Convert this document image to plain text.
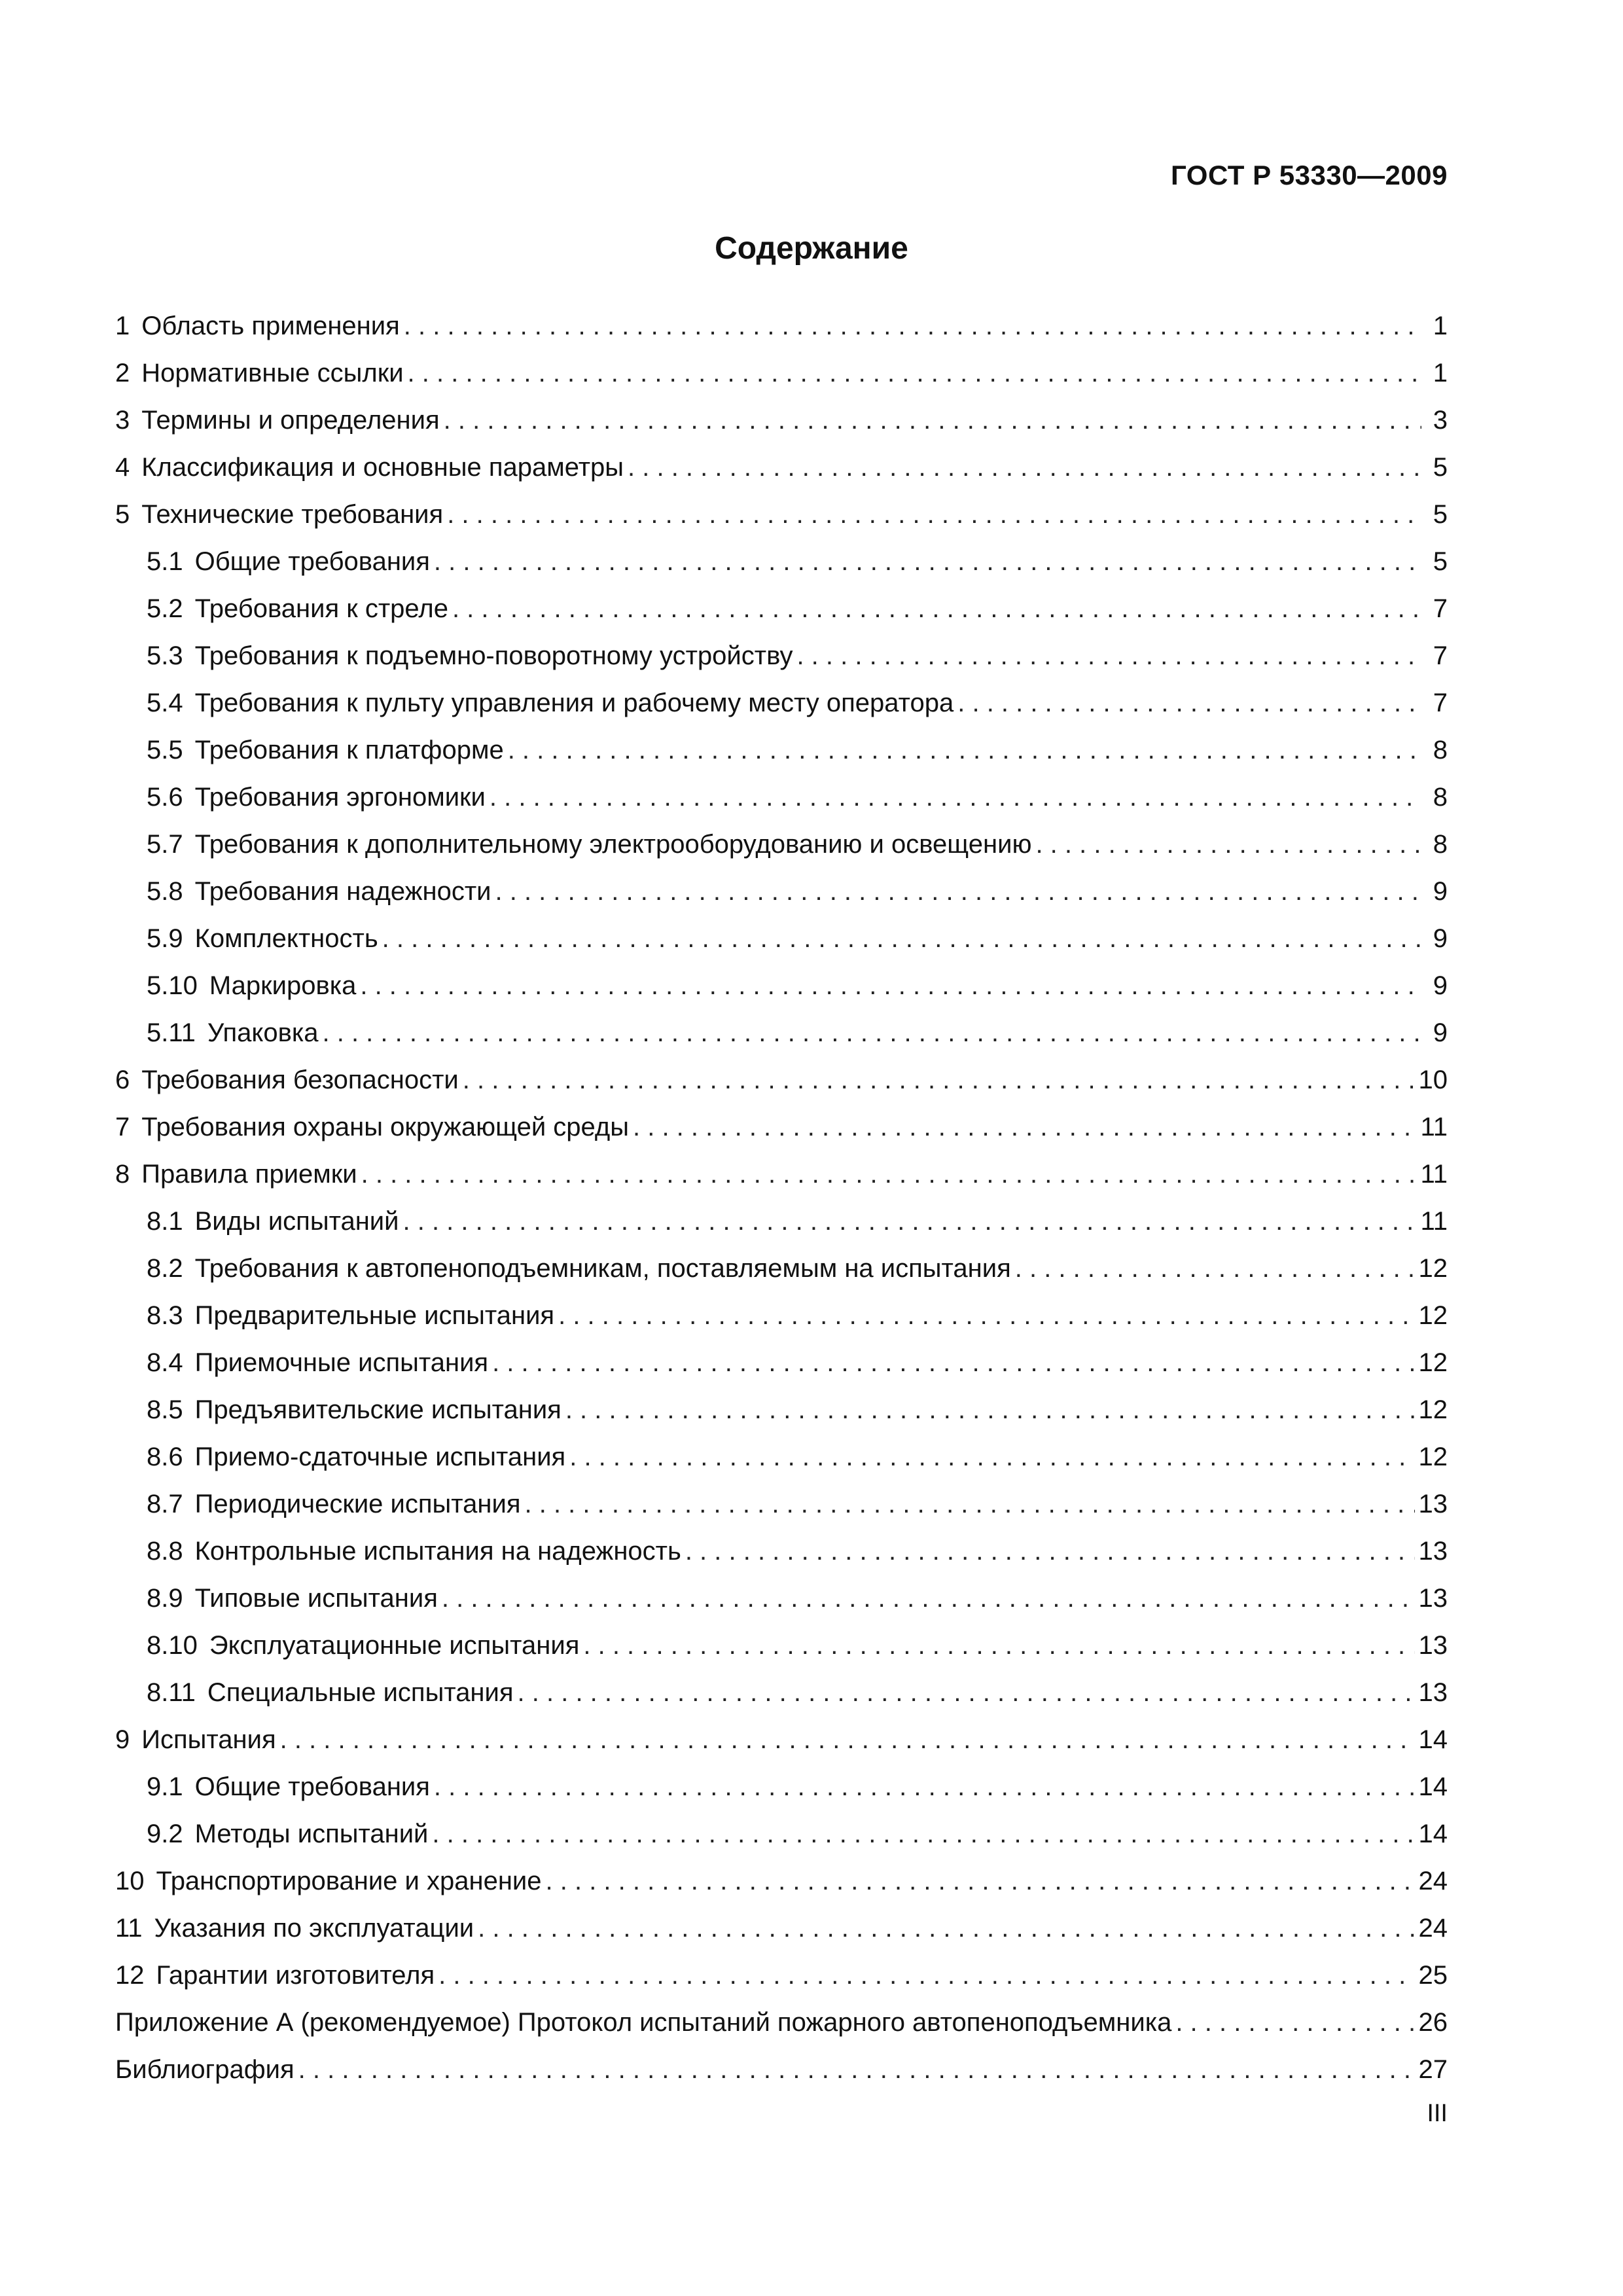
ГОСТ Р 53330—2009
Содержание
1 Область применения . . .	1
2 Нормативные ссылки . . .	1
3 Термины и определения . . .	3
4 Классификация и основные параметры . . .	5
5 Технические требования . . .	5
5.1 Общие требования . . .	5
5.2 Требования к стреле . . .	7
5.3 Требования к подъемно-поворотному устройству . . .	7
5.4 Требования к пульту управления и рабочему месту оператора . . .	7
5.5 Требования к платформе . . .	8
5.6 Требования эргономики . . .	8
5.7 Требования к дополнительному электрооборудованию и освещению . . .	8
5.8 Требования надежности . . .	9
5.9 Комплектность . . .	9
5.10 Маркировка . . .	9
5.11 Упаковка . . .	9
6 Требования безопасности . . .	10
7 Требования охраны окружающей среды . . .	11
8 Правила приемки . . .	11
8.1 Виды испытаний . . .	11
8.2 Требования к автопеноподъемникам, поставляемым на испытания . . .	12
8.3 Предварительные испытания . . .	12
8.4 Приемочные испытания . . .	12
8.5 Предъявительские испытания . . .	12
8.6 Приемо-сдаточные испытания . . .	12
8.7 Периодические испытания . . .	13
8.8 Контрольные испытания на надежность . . .	13
8.9 Типовые испытания . . .	13
8.10 Эксплуатационные испытания . . .	13
8.11 Специальные испытания . . .	13
9 Испытания . . .	14
9.1 Общие требования . . .	14
9.2 Методы испытаний . . .	14
10 Транспортирование и хранение . . .	24
11 Указания по эксплуатации . . .	24
12 Гарантии изготовителя . . .	25
Приложение А (рекомендуемое) Протокол испытаний пожарного автопеноподъемника . . .	26
Библиография . . .	27
III
